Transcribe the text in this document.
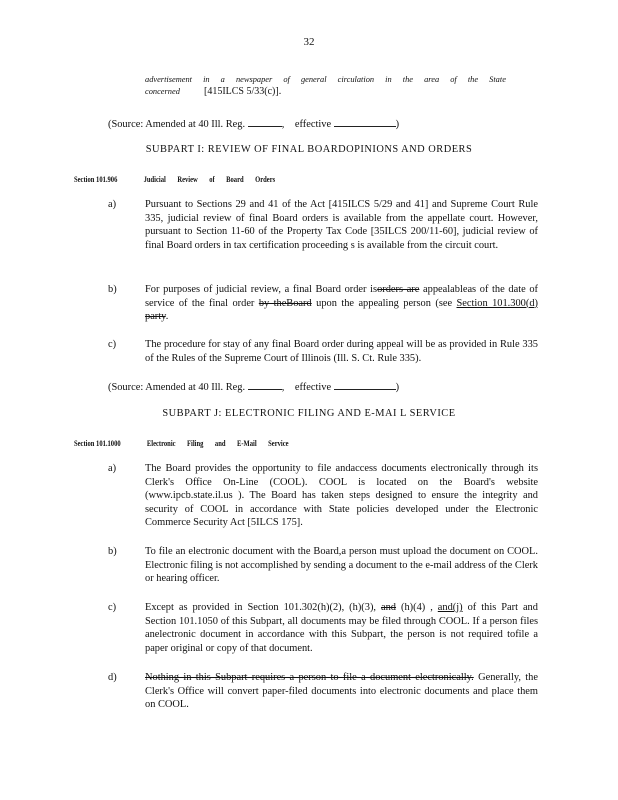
32
advertisement in a newspaper of general circulation in the area of the State
concerned [415ILCS 5/33(c)].
(Source: Amended at 40 Ill. Reg.	, effective	)
SUBPART I: REVIEW OF FINAL BOARDOPINIONS AND ORDERS
Section 101.906	Judicial Review of Board Orders
a)	Pursuant to Sections 29 and 41 of the Act [415ILCS 5/29 and 41] and Supreme Court Rule 335, judicial review of final Board orders is available from the appellate court. However, pursuant to Section 11-60 of the Property Tax Code [35ILCS 200/11-60], judicial review of final Board orders in tax certification proceeding s is available from the circuit court.
b)	For purposes of judicial review, a final Board order isorders are appealableas of the date of service of the final order by theBoard upon the appealing person (see Section 101.300(d) party.
c)	The procedure for stay of any final Board order during appeal will be as provided in Rule 335 of the Rules of the Supreme Court of Illinois (Ill. S. Ct. Rule 335).
(Source: Amended at 40 Ill. Reg.	, effective	)
SUBPART J: ELECTRONIC FILING AND E-MAI L SERVICE
Section 101.1000	Electronic Filing and E-Mail Service
a)	The Board provides the opportunity to file andaccess documents electronically through its Clerk's Office On-Line (COOL). COOL is located on the Board's website (www.ipcb.state.il.us ). The Board has taken steps designed to ensure the integrity and security of COOL in accordance with State policies developed under the Electronic Commerce Security Act [5ILCS 175].
b)	To file an electronic document with the Board,a person must upload the document on COOL. Electronic filing is not accomplished by sending a document to the e-mail address of the Clerk or hearing officer.
c)	Except as provided in Section 101.302(h)(2), (h)(3), and (h)(4) , and(j) of this Part and Section 101.1050 of this Subpart, all documents may be filed through COOL. If a person files anelectronic document in accordance with this Subpart, the person is not required tofile a paper original or copy of that document.
d)	Nothing in this Subpart requires a person to file a document electronically. Generally, the Clerk's Office will convert paper-filed documents into electronic documents and place them on COOL.
